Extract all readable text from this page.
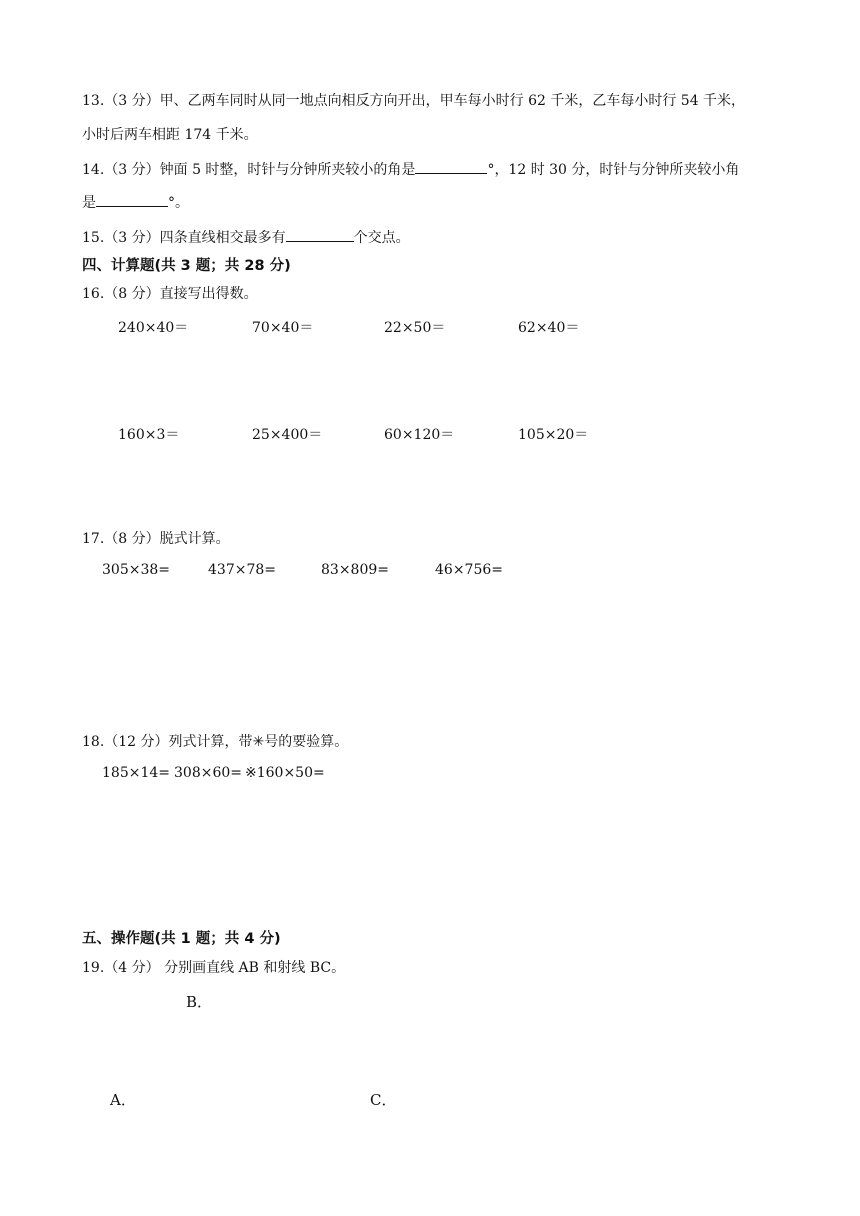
13.（3 分）甲、乙两车同时从同一地点向相反方向开出，甲车每小时行 62 千米，乙车每小时行 54 千米，
小时后两车相距 174 千米。
14.（3 分）钟面 5 时整，时针与分钟所夹较小的角是	°，12 时 30 分，时针与分钟所夹较小角
是	°。
15.（3 分）四条直线相交最多有	个交点。
四、计算题(共 3 题；共 28 分)
16.（8 分）直接写出得数。
240×40＝	70×40＝	22×50＝	62×40＝
160×3＝	25×400＝	60×120＝	105×20＝
17.（8 分）脱式计算。
305×38=	437×78=	83×809=	46×756=
18.（12 分）列式计算，带✳号的要验算。
185×14= 308×60= ※160×50=
五、操作题(共 1 题；共 4 分)
19.（4 分） 分别画直线 AB 和射线 BC。
B．
A．	C．
